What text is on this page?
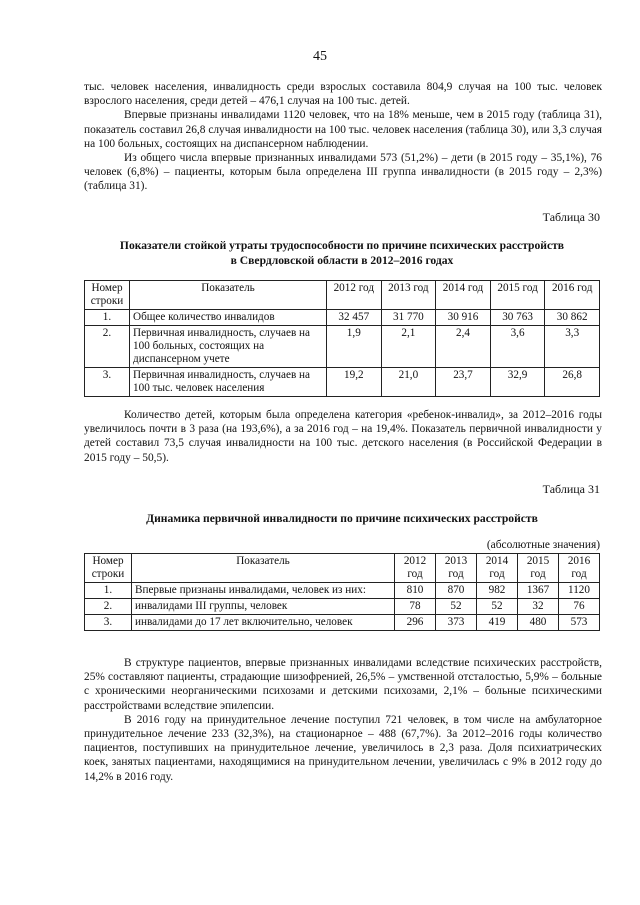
45

тыс. человек населения, инвалидность среди взрослых составила 804,9 случая на 100 тыс. человек взрослого населения, среди детей – 476,1 случая на 100 тыс. детей.

Впервые признаны инвалидами 1120 человек, что на 18% меньше, чем в 2015 году (таблица 31), показатель составил 26,8 случая инвалидности на 100 тыс. человек населения (таблица 30), или 3,3 случая на 100 больных, состоящих на диспансерном наблюдении.

Из общего числа впервые признанных инвалидами 573 (51,2%) – дети (в 2015 году – 35,1%), 76 человек (6,8%) – пациенты, которым была определена III группа инвалидности (в 2015 году – 2,3%) (таблица 31).

Таблица 30
Показатели стойкой утраты трудоспособности по причине психических расстройств
в Свердловской области в 2012–2016 годах
Номер строки	Показатель	2012 год	2013 год	2014 год	2015 год	2016 год
1.	Общее количество инвалидов	32 457	31 770	30 916	30 763	30 862
2.	Первичная инвалидность, случаев на 100 больных, состоящих на диспансерном учете	1,9	2,1	2,4	3,6	3,3
3.	Первичная инвалидность, случаев на 100 тыс. человек населения	19,2	21,0	23,7	32,9	26,8

Количество детей, которым была определена категория «ребенок-инвалид», за 2012–2016 годы увеличилось почти в 3 раза (на 193,6%), а за 2016 год – на 19,4%. Показатель первичной инвалидности у детей составил 73,5 случая инвалидности на 100 тыс. детского населения (в Российской Федерации в 2015 году – 50,5).

Таблица 31
Динамика первичной инвалидности по причине психических расстройств
(абсолютные значения)
Номер строки	Показатель	2012 год	2013 год	2014 год	2015 год	2016 год
1.	Впервые признаны инвалидами, человек из них:	810	870	982	1367	1120
2.	инвалидами III группы, человек	78	52	52	32	76
3.	инвалидами до 17 лет включительно, человек	296	373	419	480	573

В структуре пациентов, впервые признанных инвалидами вследствие психических расстройств, 25% составляют пациенты, страдающие шизофренией, 26,5% – умственной отсталостью, 5,9% – больные с хроническими неорганическими психозами и детскими психозами, 2,1% – больные психическими расстройствами вследствие эпилепсии.

В 2016 году на принудительное лечение поступил 721 человек, в том числе на амбулаторное принудительное лечение 233 (32,3%), на стационарное – 488 (67,7%). За 2012–2016 годы количество пациентов, поступивших на принудительное лечение, увеличилось в 2,3 раза. Доля психиатрических коек, занятых пациентами, находящимися на принудительном лечении, увеличилась с 9% в 2012 году до 14,2% в 2016 году.
